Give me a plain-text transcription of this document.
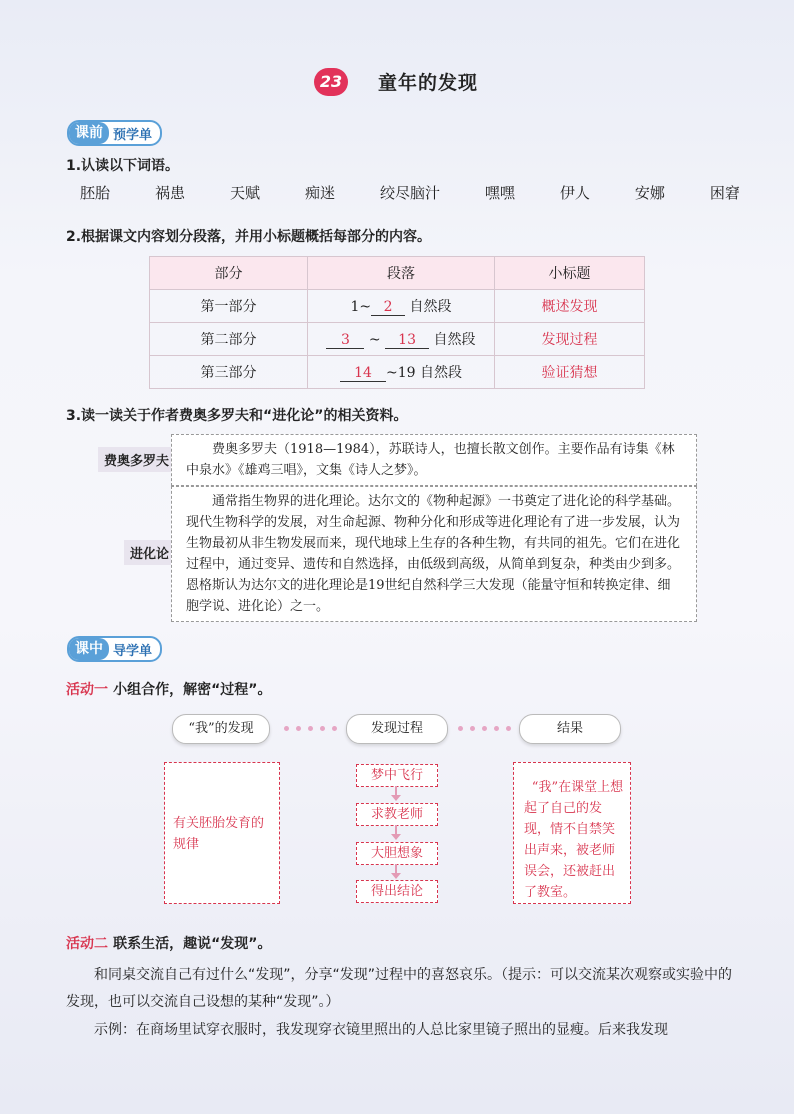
23	童年的发现
课前 预学单
1.认读以下词语。
胚胎	祸患	天赋	痴迷	绞尽脑汁	嘿嘿	伊人	安娜	困窘
2.根据课文内容划分段落，并用小标题概括每部分的内容。
部分	段落	小标题
第一部分	1~ 2 自然段	概述发现
第二部分	3 ~ 13 自然段	发现过程
第三部分	14 ~19 自然段	验证猜想
3.读一读关于作者费奥多罗夫和“进化论”的相关资料。
费奥多罗夫
费奥多罗夫（1918—1984），苏联诗人，也擅长散文创作。主要作品有诗集《林中泉水》《雄鸡三唱》，文集《诗人之梦》。
进化论
通常指生物界的进化理论。达尔文的《物种起源》一书奠定了进化论的科学基础。现代生物科学的发展，对生命起源、物种分化和形成等进化理论有了进一步发展，认为生物最初从非生物发展而来，现代地球上生存的各种生物，有共同的祖先。它们在进化过程中，通过变异、遗传和自然选择，由低级到高级，从简单到复杂，种类由少到多。恩格斯认为达尔文的进化理论是19世纪自然科学三大发现（能量守恒和转换定律、细胞学说、进化论）之一。
课中 导学单
活动一 小组合作，解密“过程”。
“我”的发现	发现过程	结果
有关胚胎发育的规律
梦中飞行
求教老师
大胆想象
得出结论
“我”在课堂上想起了自己的发现，情不自禁笑出声来，被老师误会，还被赶出了教室。
活动二 联系生活，趣说“发现”。
和同桌交流自己有过什么“发现”，分享“发现”过程中的喜怒哀乐。（提示：可以交流某次观察或实验中的发现，也可以交流自己设想的某种“发现”。）
示例：在商场里试穿衣服时，我发现穿衣镜里照出的人总比家里镜子照出的显瘦。后来我发现
